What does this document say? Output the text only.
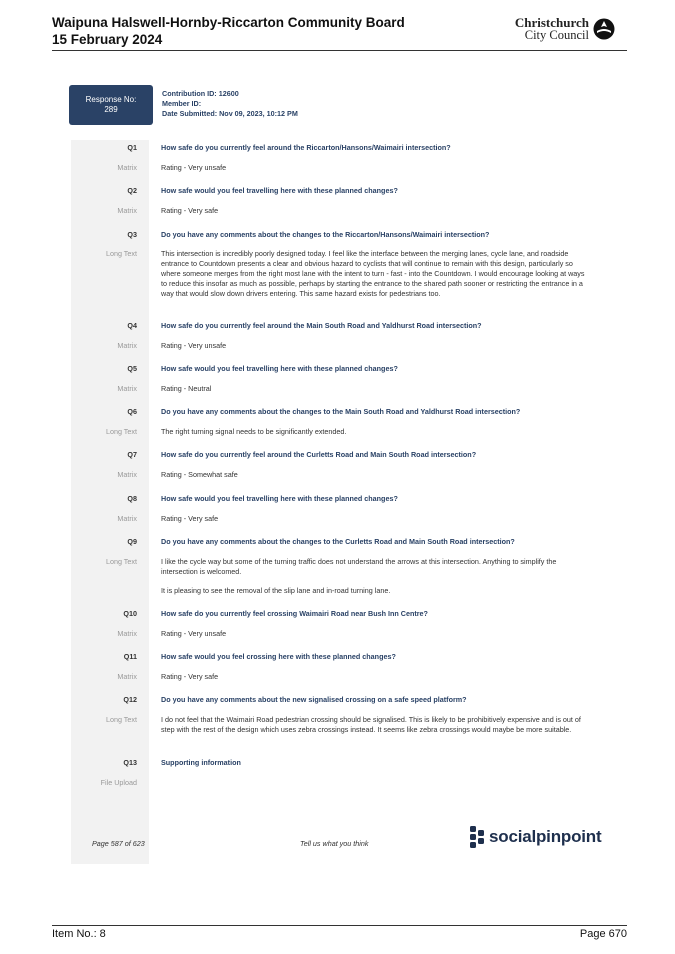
Waipuna Halswell-Hornby-Riccarton Community Board
15 February 2024
Christchurch
City Council
Response No:
289
Contribution ID: 12600
Member ID:
Date Submitted: Nov 09, 2023, 10:12 PM
Q1	How safe do you currently feel around the Riccarton/Hansons/Waimairi intersection?
Matrix	Rating - Very unsafe
Q2	How safe would you feel travelling here with these planned changes?
Matrix	Rating - Very safe
Q3	Do you have any comments about the changes to the Riccarton/Hansons/Waimairi intersection?
Long Text	This intersection is incredibly poorly designed today. I feel like the interface between the merging lanes, cycle lane, and roadside entrance to Countdown presents a clear and obvious hazard to cyclists that will continue to remain with this design, particularly so where someone merges from the right most lane with the intent to turn - fast - into the Countdown. I would encourage looking at ways to reduce this insofar as much as possible, perhaps by starting the entrance to the shared path sooner or restricting the entrance in a way that would slow down drivers entering. This same hazard exists for pedestrians too.
Q4	How safe do you currently feel around the Main South Road and Yaldhurst Road intersection?
Matrix	Rating - Very unsafe
Q5	How safe would you feel travelling here with these planned changes?
Matrix	Rating - Neutral
Q6	Do you have any comments about the changes to the Main South Road and Yaldhurst Road intersection?
Long Text	The right turning signal needs to be significantly extended.
Q7	How safe do you currently feel around the Curletts Road and Main South Road intersection?
Matrix	Rating - Somewhat safe
Q8	How safe would you feel travelling here with these planned changes?
Matrix	Rating - Very safe
Q9	Do you have any comments about the changes to the Curletts Road and Main South Road intersection?
Long Text	I like the cycle way but some of the turning traffic does not understand the arrows at this intersection. Anything to simplify the intersection is welcomed.
It is pleasing to see the removal of the slip lane and in-road turning lane.
Q10	How safe do you currently feel crossing Waimairi Road near Bush Inn Centre?
Matrix	Rating - Very unsafe
Q11	How safe would you feel crossing here with these planned changes?
Matrix	Rating - Very safe
Q12	Do you have any comments about the new signalised crossing on a safe speed platform?
Long Text	I do not feel that the Waimairi Road pedestrian crossing should be signalised. This is likely to be prohibitively expensive and is out of step with the rest of the design which uses zebra crossings instead. It seems like zebra crossings would maybe be more suitable.
Q13	Supporting information
File Upload
Page 587 of 623	Tell us what you think	socialpinpoint
Item No.: 8	Page 670
